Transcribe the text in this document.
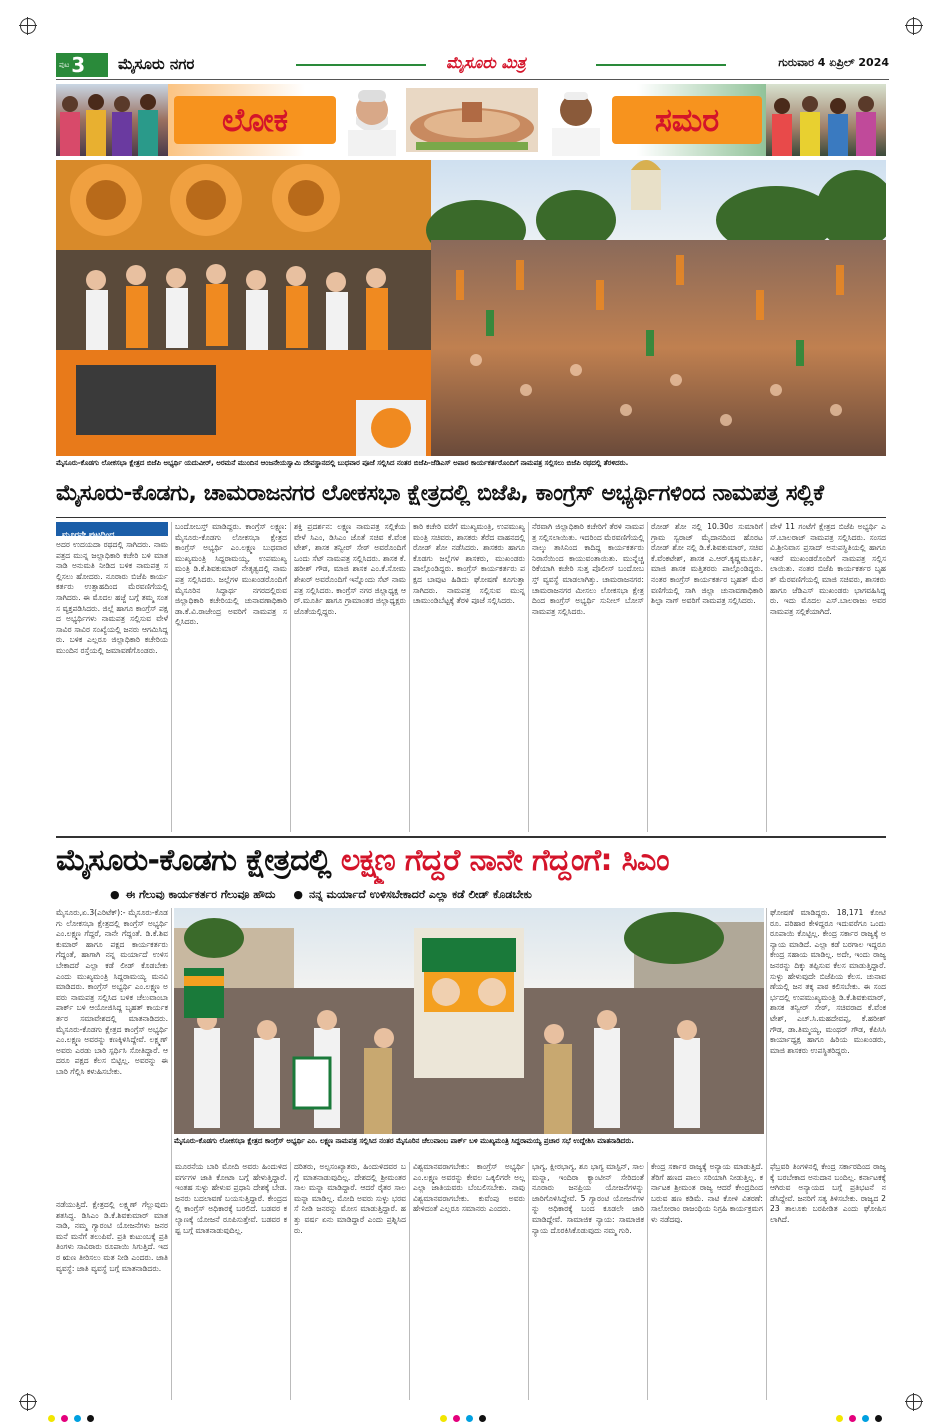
ಪುಟ 3 ಮೈಸೂರು ನಗರ	ಮೈಸೂರು ಮಿತ್ರ	ಗುರುವಾರ 4 ಏಪ್ರಿಲ್ 2024
ಲೋಕ	ಸಮರ
ಮೈಸೂರು-ಕೊಡಗು ಲೋಕಸಭಾ ಕ್ಷೇತ್ರದ ಬಿಜೆಪಿ ಅಭ್ಯರ್ಥಿ ಯದುವೀರ್, ಅರಮನೆ ಮುಂದಿನ ಆಂಜನೇಯಸ್ವಾಮಿ ದೇವಸ್ಥಾನದಲ್ಲಿ ಬುಧವಾರ ಪೂಜೆ ಸಲ್ಲಿಸಿದ ನಂತರ ಬಿಜೆಪಿ-ಜೆಡಿಎಸ್ ಅಪಾರ ಕಾರ್ಯಕರ್ತರೊಂದಿಗೆ ನಾಮಪತ್ರ ಸಲ್ಲಿಸಲು ಬಿಜೆಪಿ ರಥದಲ್ಲಿ ತೆರಳಿದರು.
ಮೈಸೂರು-ಕೊಡಗು, ಚಾಮರಾಜನಗರ ಲೋಕಸಭಾ ಕ್ಷೇತ್ರದಲ್ಲಿ ಬಿಜೆಪಿ, ಕಾಂಗ್ರೆಸ್ ಅಭ್ಯರ್ಥಿಗಳಿಂದ ನಾಮಪತ್ರ ಸಲ್ಲಿಕೆ
ಮೂರನೇ ಪುಟದಿಂದ
ಅದರ ಉದಯದಾ ರಥದಲ್ಲಿ ಸಾಗಿದರು. ನಾಮಪತ್ರದ ಮುನ್ನ ಜಲ್ಲಾಧಿಕಾರಿ ಕಚೇರಿ ಬಳಿ ಮಾತನಾಡಿ ಅನುಮತಿ ನೀಡಿದ ಬಳಿಕ ನಾಮಪತ್ರ ಸಲ್ಲಿಸಲು ಹೋದರು. ನೂರಾರು ಬಿಜೆಪಿ ಕಾರ್ಯಕರ್ತರು ಉತ್ಸಾಹದಿಂದ ಮೆರವಣಿಗೆಯಲ್ಲಿ ಸಾಗಿದರು. ಈ ಮೊದಲ ಹಜ್ಜೆ ಬಗ್ಗೆ ತಮ್ಮ ಸಂತಸ ವ್ಯಕ್ತಪಡಿಸಿದರು. ಜಿಲ್ಲೆ ಹಾಗೂ ಕಾಂಗ್ರೆಸ್ ಪಕ್ಷದ ಅಭ್ಯರ್ಥಿಗಳು ನಾಮಪತ್ರ ಸಲ್ಲಿಸುವ ವೇಳೆ ಸಾವಿರ ಸಾವಿರ ಸಂಖ್ಯೆಯಲ್ಲಿ ಜನರು ಆಗಮಿಸಿದ್ದರು. ಬಳಿಕ ಎಲ್ಲರೂ ಜಿಲ್ಲಾಧಿಕಾರಿ ಕಚೇರಿಯ ಮುಂದಿನ ರಸ್ತೆಯಲ್ಲಿ ಜಮಾವಣೆಗೊಂಡರು.
ಬಂದೋಬಸ್ತ್ ಮಾಡಿದ್ದರು. ಕಾಂಗ್ರೆಸ್ ಲಕ್ಷ್ಮಣ: ಮೈಸೂರು-ಕೊಡಗು ಲೋಕಸಭಾ ಕ್ಷೇತ್ರದ ಕಾಂಗ್ರೆಸ್ ಅಭ್ಯರ್ಥಿ ಎಂ.ಲಕ್ಷ್ಮಣ ಬುಧವಾರ ಮುಖ್ಯಮಂತ್ರಿ ಸಿದ್ದರಾಮಯ್ಯ, ಉಪಮುಖ್ಯಮಂತ್ರಿ ಡಿ.ಕೆ.ಶಿವಕುಮಾರ್ ನೇತೃತ್ವದಲ್ಲಿ ನಾಮಪತ್ರ ಸಲ್ಲಿಸಿದರು. ಜಲ್ಲೆಗಳ ಮುಖಂಡರೊಂದಿಗೆ ಮೈಸೂರಿನ ಸಿದ್ಧಾರ್ಥ ನಗರದಲ್ಲಿರುವ ಜಿಲ್ಲಾಧಿಕಾರಿ ಕಚೇರಿಯಲ್ಲಿ ಚುನಾವಣಾಧಿಕಾರಿ ಡಾ.ಕೆ.ವಿ.ರಾಜೇಂದ್ರ ಅವರಿಗೆ ನಾಮಪತ್ರ ಸಲ್ಲಿಸಿದರು.
ಶಕ್ತಿ ಪ್ರದರ್ಶನ: ಲಕ್ಷ್ಮಣ ನಾಮಪತ್ರ ಸಲ್ಲಿಕೆಯ ವೇಳೆ ಸಿಎಂ, ಡಿಸಿಎಂ ಜೊತೆ ಸಚಿವ ಕೆ.ವೆಂಕಟೇಶ್, ಶಾಸಕ ತನ್ವೀರ್ ಸೇಠ್ ಅವರೊಂದಿಗೆ ಒಂದು ಸೆಟ್ ನಾಮಪತ್ರ ಸಲ್ಲಿಸಿದರು. ಶಾಸಕ ಕೆ.ಹರೀಶ್ ಗೌಡ, ಮಾಜಿ ಶಾಸಕ ಎಂ.ಕೆ.ಸೋಮಶೇಖರ್ ಅವರೊಂದಿಗೆ ಇನ್ನೊಂದು ಸೆಟ್ ನಾಮಪತ್ರ ಸಲ್ಲಿಸಿದರು. ಕಾಂಗ್ರೆಸ್ ನಗರ ಜಿಲ್ಲಾಧ್ಯಕ್ಷ ಆರ್.ಮೂರ್ತಿ ಹಾಗೂ ಗ್ರಾಮಾಂತರ ಜಿಲ್ಲಾಧ್ಯಕ್ಷರು ಜೊತೆಯಲ್ಲಿದ್ದರು.
ಕಾರಿ ಕಚೇರಿ ವರೆಗೆ ಮುಖ್ಯಮಂತ್ರಿ, ಉಪಮುಖ್ಯಮಂತ್ರಿ ಸಚಿವರು, ಶಾಸಕರು ತೆರೆದ ವಾಹನದಲ್ಲಿ ರೋಡ್ ಶೋ ನಡೆಸಿದರು. ಶಾಸಕರು ಹಾಗೂ ಕೊಡಗು ಜಲ್ಲೆಗಳ ಶಾಸಕರು, ಮುಖಂಡರು ಪಾಲ್ಗೊಂಡಿದ್ದರು. ಕಾಂಗ್ರೆಸ್ ಕಾರ್ಯಕರ್ತರು ಪಕ್ಷದ ಬಾವುಟ ಹಿಡಿದು ಘೋಷಣೆ ಕೂಗುತ್ತಾ ಸಾಗಿದರು. ನಾಮಪತ್ರ ಸಲ್ಲಿಸುವ ಮುನ್ನ ಚಾಮುಂಡಿಬೆಟ್ಟಕ್ಕೆ ತೆರಳಿ ಪೂಜೆ ಸಲ್ಲಿಸಿದರು.
ನೆರವಾಗಿ ಜಿಲ್ಲಾಧಿಕಾರಿ ಕಚೇರಿಗೆ ತೆರಳಿ ನಾಮಪತ್ರ ಸಲ್ಲಿಸಲಾಯಿತು. ಇದರಿಂದ ಮೆರವಣಿಗೆಯಲ್ಲಿ ನಾಲ್ಕು ತಾಸಿನಿಂದ ಕಾದಿದ್ದ ಕಾರ್ಯಕರ್ತರು ನಿರಾಸೆಯಿಂದ ಕಾಯುವಂತಾಯಿತು. ಮುನ್ನೆಚ್ಚರಿಕೆಯಾಗಿ ಕಚೇರಿ ಸುತ್ತ ಪೊಲೀಸ್ ಬಂದೋಬಸ್ತ್ ವ್ಯವಸ್ಥೆ ಮಾಡಲಾಗಿತ್ತು. ಚಾಮರಾಜನಗರ: ಚಾಮರಾಜನಗರ ಮೀಸಲು ಲೋಕಸಭಾ ಕ್ಷೇತ್ರದಿಂದ ಕಾಂಗ್ರೆಸ್ ಅಭ್ಯರ್ಥಿ ಸುನೀಲ್ ಬೋಸ್ ನಾಮಪತ್ರ ಸಲ್ಲಿಸಿದರು.
ರೋಡ್ ಶೋ ನಲ್ಲಿ 10.30ರ ಸುಮಾರಿಗೆ ಗ್ರಾಮ ಸ್ವರಾಜ್ ಮೈದಾನದಿಂದ ಹೊರಟ ರೋಡ್ ಶೋ ನಲ್ಲಿ ಡಿ.ಕೆ.ಶಿವಕುಮಾರ್, ಸಚಿವ ಕೆ.ವೆಂಕಟೇಶ್, ಶಾಸಕ ಎ.ಆರ್.ಕೃಷ್ಣಮೂರ್ತಿ, ಮಾಜಿ ಶಾಸಕ ಮತ್ತಿತರರು ಪಾಲ್ಗೊಂಡಿದ್ದರು. ನಂತರ ಕಾಂಗ್ರೆಸ್ ಕಾರ್ಯಕರ್ತರ ಬೃಹತ್ ಮೆರವಣಿಗೆಯಲ್ಲಿ ಸಾಗಿ ಜಿಲ್ಲಾ ಚುನಾವಣಾಧಿಕಾರಿ ಶಿಲ್ಪಾ ನಾಗ್ ಅವರಿಗೆ ನಾಮಪತ್ರ ಸಲ್ಲಿಸಿದರು.
ವೇಳೆ 11 ಗಂಟೆಗೆ ಕ್ಷೇತ್ರದ ಬಿಜೆಪಿ ಅಭ್ಯರ್ಥಿ ಎಸ್.ಬಾಲರಾಜ್ ನಾಮಪತ್ರ ಸಲ್ಲಿಸಿದರು. ಸಂಸದ ವಿ.ಶ್ರೀನಿವಾಸ ಪ್ರಸಾದ್ ಅನುಪಸ್ಥಿತಿಯಲ್ಲಿ ಹಾಗೂ ಇತರೆ ಮುಖಂಡರೊಂದಿಗೆ ನಾಮಪತ್ರ ಸಲ್ಲಿಸಲಾಯಿತು. ನಂತರ ಬಿಜೆಪಿ ಕಾರ್ಯಕರ್ತರ ಬೃಹತ್ ಮೆರವಣಿಗೆಯಲ್ಲಿ ಮಾಜಿ ಸಚಿವರು, ಶಾಸಕರು ಹಾಗೂ ಜೆಡಿಎಸ್ ಮುಖಂಡರು ಭಾಗವಹಿಸಿದ್ದರು. ಇದು ಮೊದಲ ಎಸ್.ಬಾಲರಾಜು ಅವರ ನಾಮಪತ್ರ ಸಲ್ಲಿಕೆಯಾಗಿದೆ.
ಮೈಸೂರು-ಕೊಡಗು ಕ್ಷೇತ್ರದಲ್ಲಿ ಲಕ್ಷ್ಮಣ ಗೆದ್ದರೆ ನಾನೇ ಗೆದ್ದಂಗೆ: ಸಿಎಂ
● ಈ ಗೆಲುವು ಕಾರ್ಯಕರ್ತರ ಗೆಲುವೂ ಹೌದು ● ನನ್ನ ಮರ್ಯಾದೆ ಉಳಿಸಬೇಕಾದರೆ ಎಲ್ಲಾ ಕಡೆ ಲೀಡ್ ಕೊಡಬೇಕು
ಮೈಸೂರು,ಏ.3(ಎರಿಟೆಕ್):- ಮೈಸೂರು-ಕೊಡಗು ಲೋಕಸಭಾ ಕ್ಷೇತ್ರದಲ್ಲಿ ಕಾಂಗ್ರೆಸ್ ಅಭ್ಯರ್ಥಿ ಎಂ.ಲಕ್ಷ್ಮಣ ಗೆದ್ದರೆ, ನಾನೇ ಗೆದ್ದಂತೆ. ಡಿ.ಕೆ.ಶಿವಕುಮಾರ್ ಹಾಗೂ ಪಕ್ಷದ ಕಾರ್ಯಕರ್ತರು ಗೆದ್ದಂತೆ, ಹಾಗಾಗಿ ನನ್ನ ಮರ್ಯಾದೆ ಉಳಿಸಬೇಕಾದರೆ ಎಲ್ಲಾ ಕಡೆ ಲೀಡ್ ಕೊಡಬೇಕು ಎಂದು ಮುಖ್ಯಮಂತ್ರಿ ಸಿದ್ದರಾಮಯ್ಯ ಮನವಿ ಮಾಡಿದರು. ಕಾಂಗ್ರೆಸ್ ಅಭ್ಯರ್ಥಿ ಎಂ.ಲಕ್ಷ್ಮಣ ಅವರು ನಾಮಪತ್ರ ಸಲ್ಲಿಸಿದ ಬಳಿಕ ಚೆಲುವಾಂಬಾ ಪಾರ್ಕ್ ಬಳಿ ಆಯೋಜಿಸಿದ್ದ ಬೃಹತ್ ಕಾರ್ಯಕರ್ತರ ಸಮಾವೇಶದಲ್ಲಿ ಮಾತನಾಡಿದರು. ಮೈಸೂರು-ಕೊಡಗು ಕ್ಷೇತ್ರದ ಕಾಂಗ್ರೆಸ್ ಅಭ್ಯರ್ಥಿ ಎಂ.ಲಕ್ಷ್ಮಣ ಅವರನ್ನು ಕಣಕ್ಕಿಳಿಸಿದ್ದೇವೆ. ಲಕ್ಷ್ಮಣ್ ಅವರು ಎರಡು ಬಾರಿ ಸ್ಪರ್ಧಿಸಿ ಸೋತಿದ್ದಾರೆ. ಆದರೂ ಪಕ್ಷದ ಕೆಲಸ ಬಿಟ್ಟಿಲ್ಲ. ಅವರನ್ನು ಈ ಬಾರಿ ಗೆಲ್ಲಿಸಿ ಕಳುಹಿಸಬೇಕು.
ಮೈಸೂರು-ಕೊಡಗು ಲೋಕಸಭಾ ಕ್ಷೇತ್ರದ ಕಾಂಗ್ರೆಸ್ ಅಭ್ಯರ್ಥಿ ಎಂ. ಲಕ್ಷ್ಮಣ ನಾಮಪತ್ರ ಸಲ್ಲಿಸಿದ ನಂತರ ಮೈಸೂರಿನ ಚೆಲುವಾಂಬ ಪಾರ್ಕ್ ಬಳಿ ಮುಖ್ಯಮಂತ್ರಿ ಸಿದ್ದರಾಮಯ್ಯ ಪ್ರಚಾರ ಸಭೆ ಉದ್ದೇಶಿಸಿ ಮಾತನಾಡಿದರು.
ಘೋಷಣೆ ಮಾಡಿದ್ದರು. 18,171 ಕೋಟಿ ರೂ. ಪರಿಹಾರ ಕೇಳಿದ್ದರೂ ಇದುವರೆಗೂ ಒಂದು ರೂಪಾಯಿ ಕೊಟ್ಟಿಲ್ಲ. ಕೇಂದ್ರ ಸರ್ಕಾರ ರಾಜ್ಯಕ್ಕೆ ಅನ್ಯಾಯ ಮಾಡಿದೆ. ಎಲ್ಲಾ ಕಡೆ ಬರಗಾಲ ಇದ್ದರೂ ಕೇಂದ್ರ ಸಹಾಯ ಮಾಡಿಲ್ಲ. ಅದೇ, ಇಂದು ರಾಜ್ಯ ಜನರನ್ನು ದಿಕ್ಕು ತಪ್ಪಿಸುವ ಕೆಲಸ ಮಾಡುತ್ತಿದ್ದಾರೆ. ಸುಳ್ಳು ಹೇಳುವುದೇ ಬಿಜೆಪಿಯ ಕೆಲಸ. ಚುನಾವಣೆಯಲ್ಲಿ ಜನ ತಕ್ಕ ಪಾಠ ಕಲಿಸಬೇಕು. ಈ ಸಂದರ್ಭದಲ್ಲಿ ಉಪಮುಖ್ಯಮಂತ್ರಿ ಡಿ.ಕೆ.ಶಿವಕುಮಾರ್, ಶಾಸಕ ತನ್ವೀರ್ ಸೇಠ್, ಸಚಿವರಾದ ಕೆ.ವೆಂಕಟೇಶ್, ಎಚ್.ಸಿ.ಮಹದೇವಪ್ಪ, ಕೆ.ಹರೀಶ್ ಗೌಡ, ಡಾ.ತಿಮ್ಮಯ್ಯ, ಮಂಥರ್ ಗೌಡ, ಕೆಪಿಸಿಸಿ ಕಾರ್ಯಾಧ್ಯಕ್ಷ ಹಾಗೂ ಹಿರಿಯ ಮುಖಂಡರು, ಮಾಜಿ ಶಾಸಕರು ಉಪಸ್ಥಿತರಿದ್ದರು.
ನಡೆಯುತ್ತಿದೆ. ಕ್ಷೇತ್ರದಲ್ಲಿ ಲಕ್ಷ್ಮಣ್ ಗೆಲ್ಲುವುದು ಶತಸಿದ್ಧ. ಡಿಸಿಎಂ ಡಿ.ಕೆ.ಶಿವಕುಮಾರ್ ಮಾತನಾಡಿ, ನಮ್ಮ ಗ್ಯಾರಂಟಿ ಯೋಜನೆಗಳು ಜನರ ಮನೆ ಮನೆಗೆ ತಲುಪಿವೆ. ಪ್ರತಿ ಕುಟುಂಬಕ್ಕೆ ಪ್ರತಿ ತಿಂಗಳು ಸಾವಿರಾರು ರೂಪಾಯಿ ಸಿಗುತ್ತಿದೆ. ಇದರ ಋಣ ತೀರಿಸಲು ಮತ ನೀಡಿ ಎಂದರು. ಜಾತಿ ವ್ಯವಸ್ಥೆ: ಜಾತಿ ವ್ಯವಸ್ಥೆ ಬಗ್ಗೆ ಮಾತನಾಡಿದರು.
ಮೂರನೆಯ ಬಾರಿ ಮೋದಿ ಅವರು ಹಿಂದುಳಿದ ವರ್ಗಗಳ ಜಾತಿ ಕೋಟಾ ಬಗ್ಗೆ ಹೇಳುತ್ತಿದ್ದಾರೆ. ಇಂತಹ ಸುಳ್ಳು ಹೇಳುವ ಪ್ರಧಾನಿ ದೇಶಕ್ಕೆ ಬೇಡ. ಜನರು ಬದಲಾವಣೆ ಬಯಸುತ್ತಿದ್ದಾರೆ. ಕೇಂದ್ರದಲ್ಲಿ ಕಾಂಗ್ರೆಸ್ ಅಧಿಕಾರಕ್ಕೆ ಬರಲಿದೆ. ಬಡವರ ಕಲ್ಯಾಣಕ್ಕೆ ಯೋಜನೆ ರೂಪಿಸುತ್ತೇವೆ. ಬಡವರ ಕಷ್ಟ ಬಗ್ಗೆ ಮಾತನಾಡುವುದಿಲ್ಲ.
ದರಿತರು, ಅಲ್ಪಸಂಖ್ಯಾತರು, ಹಿಂದುಳಿದವರ ಬಗ್ಗೆ ಮಾತನಾಡುವುದಿಲ್ಲ. ದೇಶದಲ್ಲಿ ಶ್ರೀಮಂತರ ಸಾಲ ಮನ್ನಾ ಮಾಡಿದ್ದಾರೆ. ಆದರೆ ರೈತರ ಸಾಲ ಮನ್ನಾ ಮಾಡಿಲ್ಲ. ಮೋದಿ ಅವರು ಸುಳ್ಳು ಭರವಸೆ ನೀಡಿ ಜನರನ್ನು ಮೋಸ ಮಾಡುತ್ತಿದ್ದಾರೆ. ಹತ್ತು ವರ್ಷ ಏನು ಮಾಡಿದ್ದಾರೆ ಎಂದು ಪ್ರಶ್ನಿಸಿದರು.
ವಿಶ್ವಮಾನವರಾಗಬೇಕು: ಕಾಂಗ್ರೆಸ್ ಅಭ್ಯರ್ಥಿ ಎಂ.ಲಕ್ಷ್ಮಣ ಅವರನ್ನು ಕೇವಲ ಒಕ್ಕಲಿಗರೇ ಅಲ್ಲ ಎಲ್ಲಾ ಜಾತಿಯವರು ಬೆಂಬಲಿಸಬೇಕು. ನಾವು ವಿಶ್ವಮಾನವರಾಗಬೇಕು. ಕುವೆಂಪು ಅವರು ಹೇಳಿದಂತೆ ಎಲ್ಲರೂ ಸಮಾನರು ಎಂದರು.
ಭಾಗ್ಯ, ಕ್ಷೀರಭಾಗ್ಯ, ಶೂ ಭಾಗ್ಯ ಮಾಸ್ಟಿನ್, ಸಾಲಮನ್ನಾ, ಇಂದಿರಾ ಕ್ಯಾಂಟೀನ್ ಸೇರಿದಂತೆ ನೂರಾರು ಜನಪ್ರಿಯ ಯೋಜನೆಗಳನ್ನು ಜಾರಿಗೊಳಿಸಿದ್ದೇವೆ. 5 ಗ್ಯಾರಂಟಿ ಯೋಜನೆಗಳನ್ನು ಅಧಿಕಾರಕ್ಕೆ ಬಂದ ಕೂಡಲೇ ಜಾರಿ ಮಾಡಿದ್ದೇವೆ. ಸಾಮಾಜಿಕ ನ್ಯಾಯ: ಸಾಮಾಜಿಕ ನ್ಯಾಯ ದೊರಕಿಸಿಕೊಡುವುದು ನಮ್ಮ ಗುರಿ.
ಕೇಂದ್ರ ಸರ್ಕಾರ ರಾಜ್ಯಕ್ಕೆ ಅನ್ಯಾಯ ಮಾಡುತ್ತಿದೆ. ತೆರಿಗೆ ಹಣದ ಪಾಲು ಸರಿಯಾಗಿ ನೀಡುತ್ತಿಲ್ಲ. ಕರ್ನಾಟಕ ಶ್ರೀಮಂತ ರಾಜ್ಯ ಆದರೆ ಕೇಂದ್ರದಿಂದ ಬರುವ ಹಣ ಕಡಿಮೆ. ನಾಟಿ ಕೋಳಿ ವಿತರಣೆ: ಸಾಲೋರಾಂ ರಾಜಂಧಿಯ ನಿಗ್ರಹಿ ಕಾರ್ಯಕ್ರಮಗಳು ನಡೆದವು.
ಫೆಬ್ರವರಿ ತಿಂಗಳಿನಲ್ಲಿ ಕೇಂದ್ರ ಸರ್ಕಾರದಿಂದ ರಾಜ್ಯಕ್ಕೆ ಬರಬೇಕಾದ ಅನುದಾನ ಬಂದಿಲ್ಲ. ಕರ್ನಾಟಕಕ್ಕೆ ಆಗಿರುವ ಅನ್ಯಾಯದ ಬಗ್ಗೆ ಪ್ರತಿಭಟನೆ ನಡೆಸಿದ್ದೇವೆ. ಜನರಿಗೆ ಸತ್ಯ ತಿಳಿಸಬೇಕು. ರಾಜ್ಯದ 223 ತಾಲೂಕು ಬರಪೀಡಿತ ಎಂದು ಘೋಷಿಸಲಾಗಿದೆ.
